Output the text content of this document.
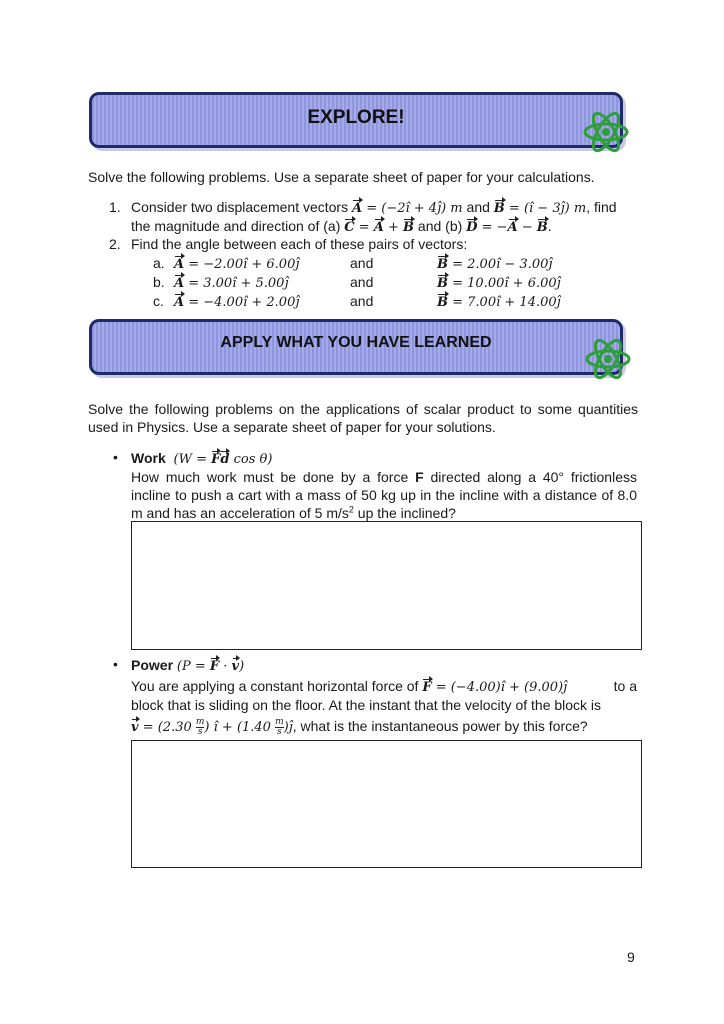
EXPLORE!
Solve the following problems. Use a separate sheet of paper for your calculations.
1. Consider two displacement vectors A = (−2î + 4ĵ) m and B = (î − 3ĵ) m, find
the magnitude and direction of (a) C = A + B and (b) D = −A − B.
2. Find the angle between each of these pairs of vectors:
a. A = −2.00î + 6.00ĵ	and	B = 2.00î − 3.00ĵ
b. A = 3.00î + 5.00ĵ	and	B = 10.00î + 6.00ĵ
c. A = −4.00î + 2.00ĵ	and	B = 7.00î + 14.00ĵ
APPLY WHAT YOU HAVE LEARNED
Solve the following problems on the applications of scalar product to some quantities used in Physics. Use a separate sheet of paper for your solutions.
• Work (W = Fd cos θ)
How much work must be done by a force F directed along a 40° frictionless incline to push a cart with a mass of 50 kg up in the incline with a distance of 8.0 m and has an acceleration of 5 $m/s^2$ up the inclined?
• Power (P = F · v)
You are applying a constant horizontal force of F = (−4.00)î + (9.00)ĵ	to a
block that is sliding on the floor. At the instant that the velocity of the block is
$v = (2.30 \frac{m}{s}$ ) î + ($1.40 \frac{m}{s}$ )ĵ, what is the instantaneous power by this force?
9
